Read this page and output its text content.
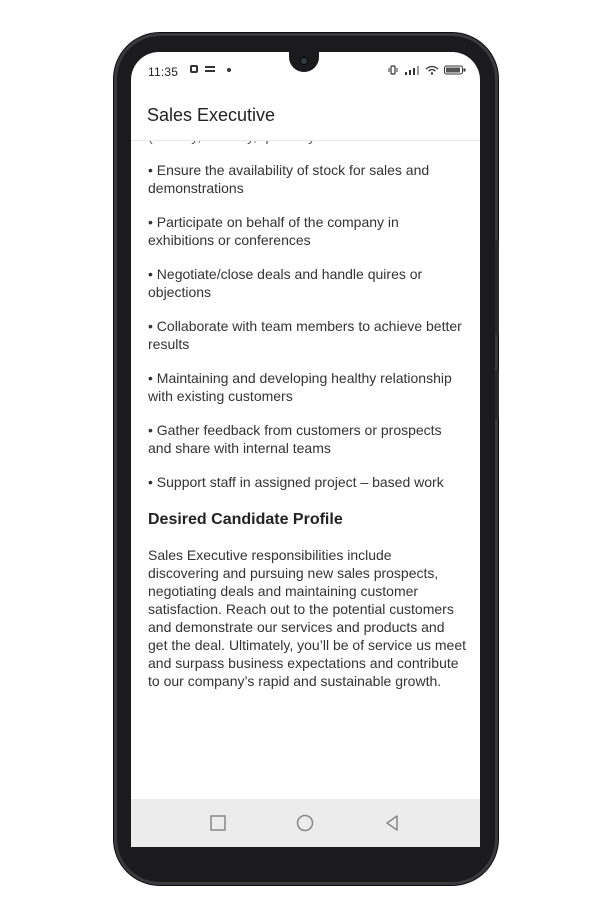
11:35
Sales Executive

• Ensure the availability of stock for sales and demonstrations

• Participate on behalf of the company in exhibitions or conferences

• Negotiate/close deals and handle quires or objections

• Collaborate with team members to achieve better results

• Maintaining and developing healthy relationship with existing customers

• Gather feedback from customers or prospects and share with internal teams

• Support staff in assigned project – based work

Desired Candidate Profile

Sales Executive responsibilities include discovering and pursuing new sales prospects, negotiating deals and maintaining customer satisfaction. Reach out to the potential customers and demonstrate our services and products and get the deal. Ultimately, you’ll be of service us meet and surpass business expectations and contribute to our company’s rapid and sustainable growth.
